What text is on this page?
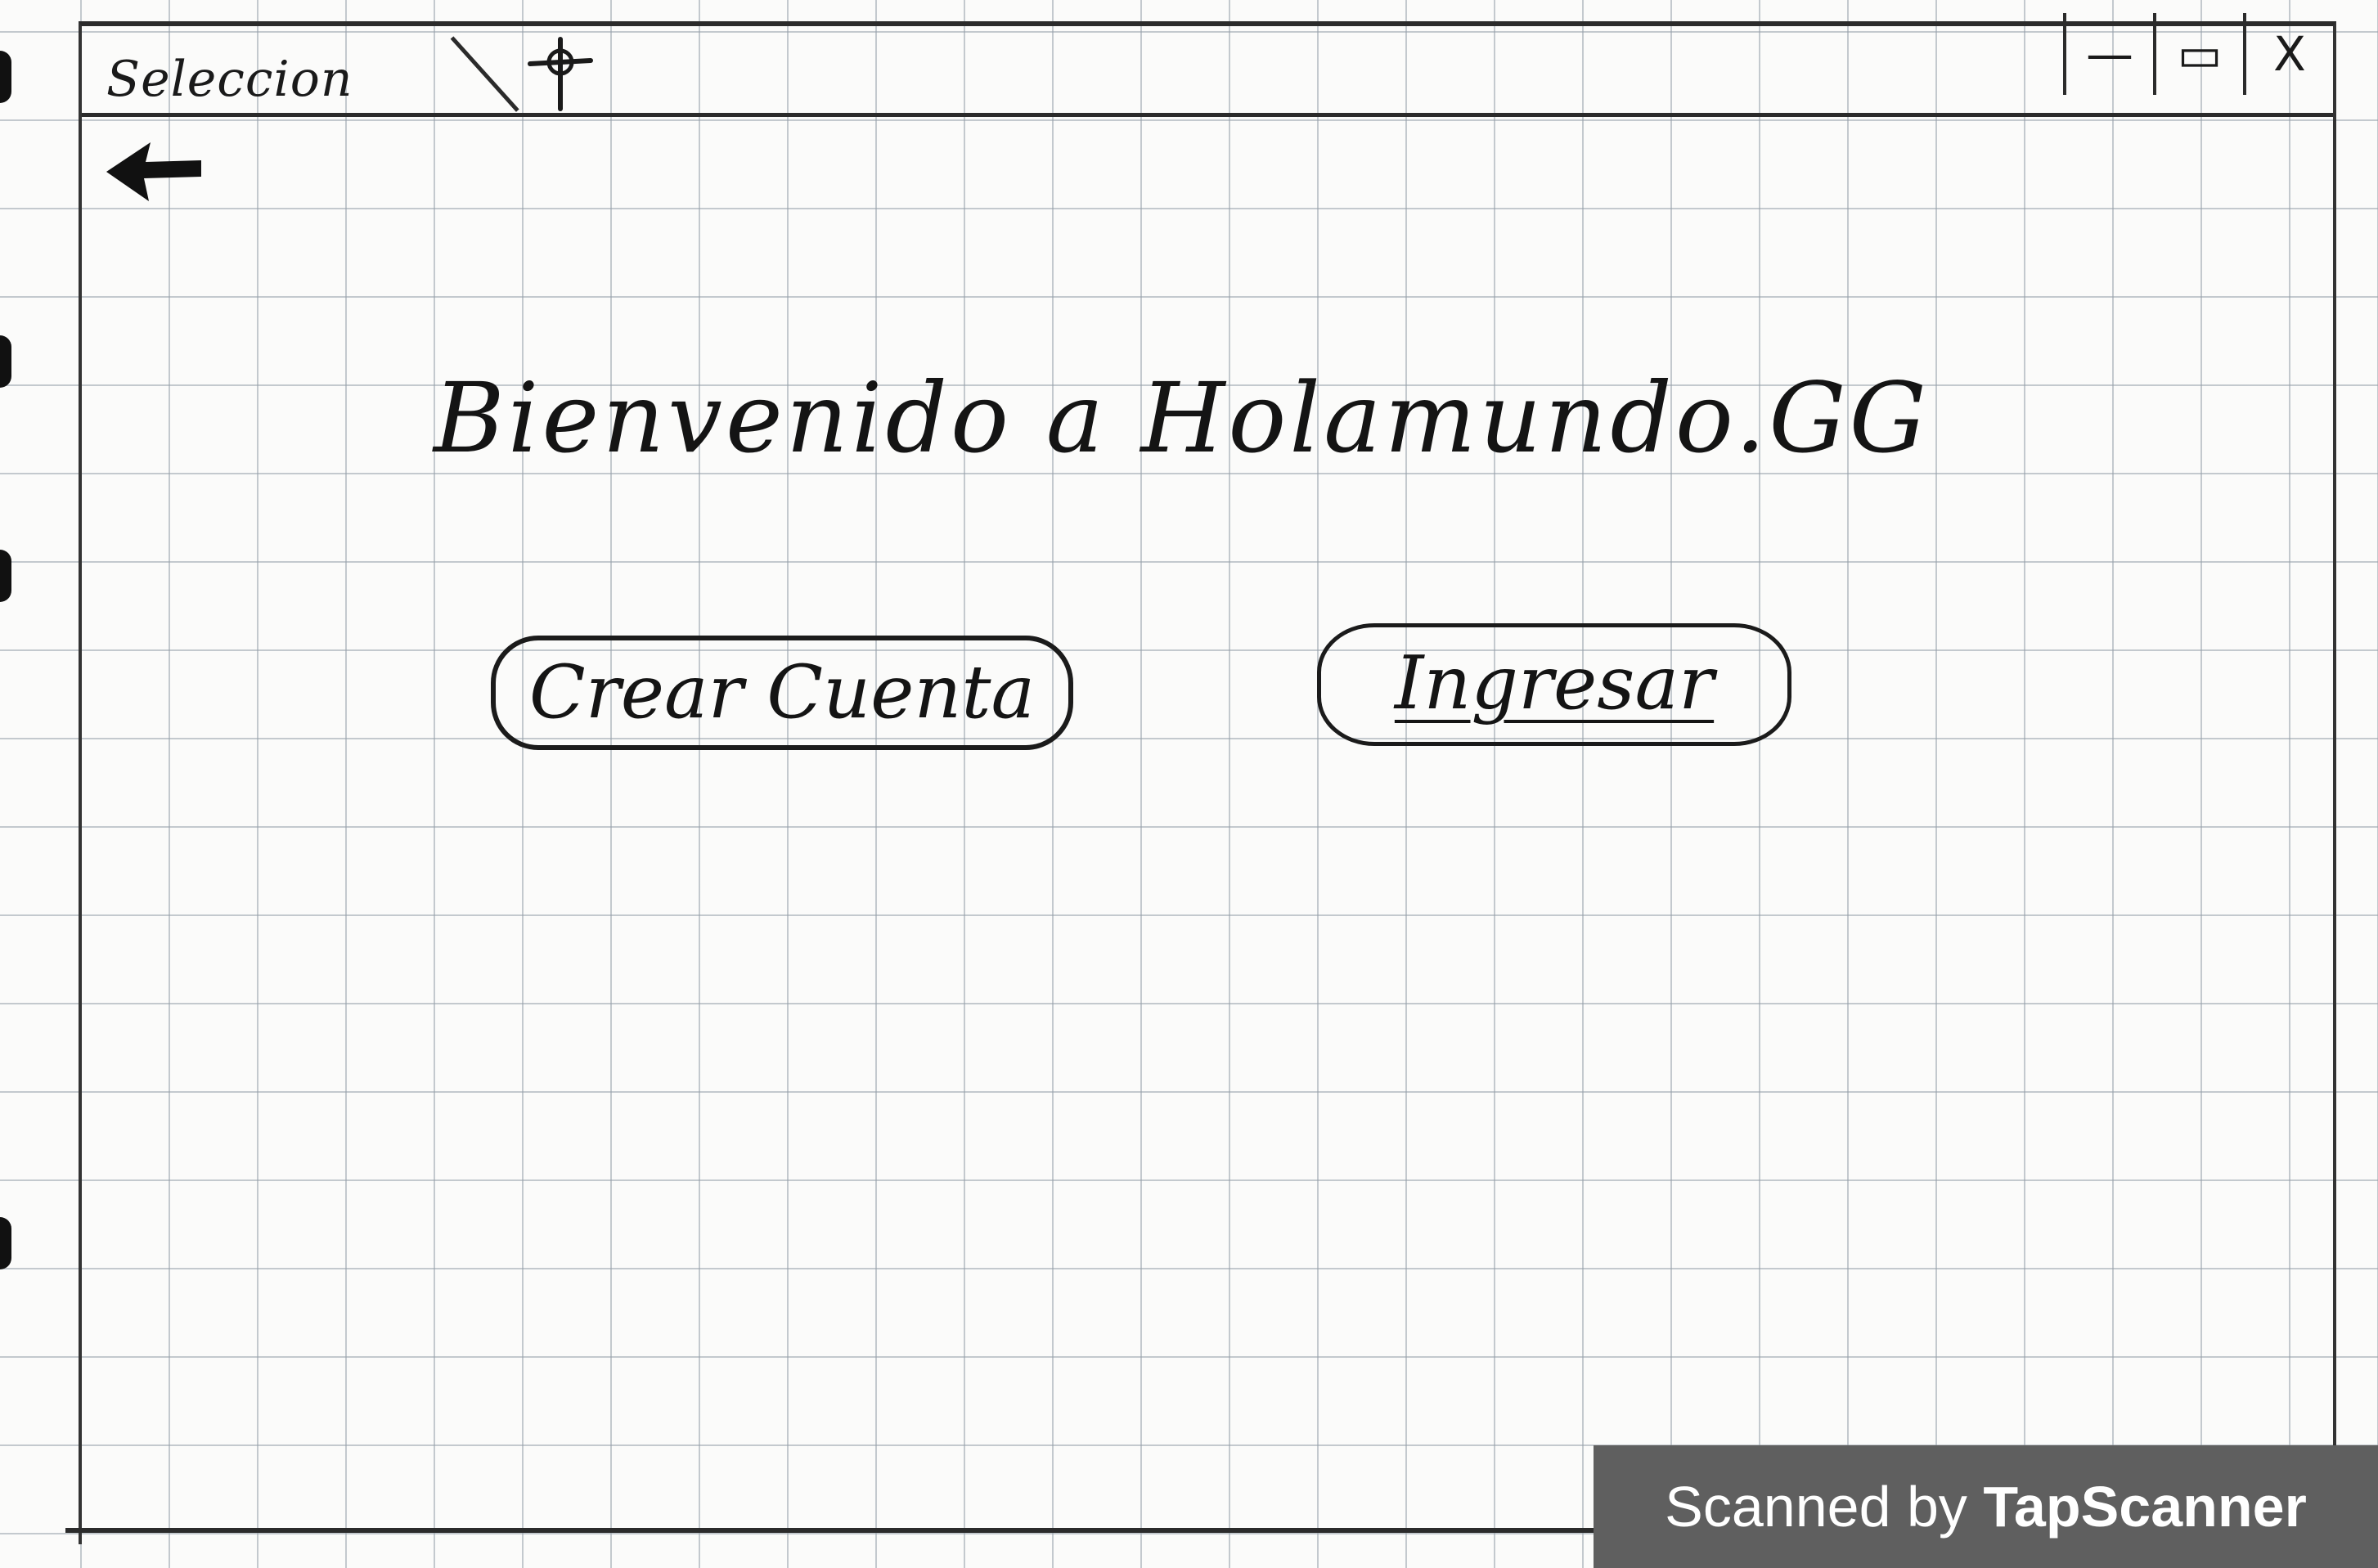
Seleccion	— ▭	X
Bienvenido a Holamundo.GG
Crear Cuenta	Ingresar
Scanned by TapScanner
